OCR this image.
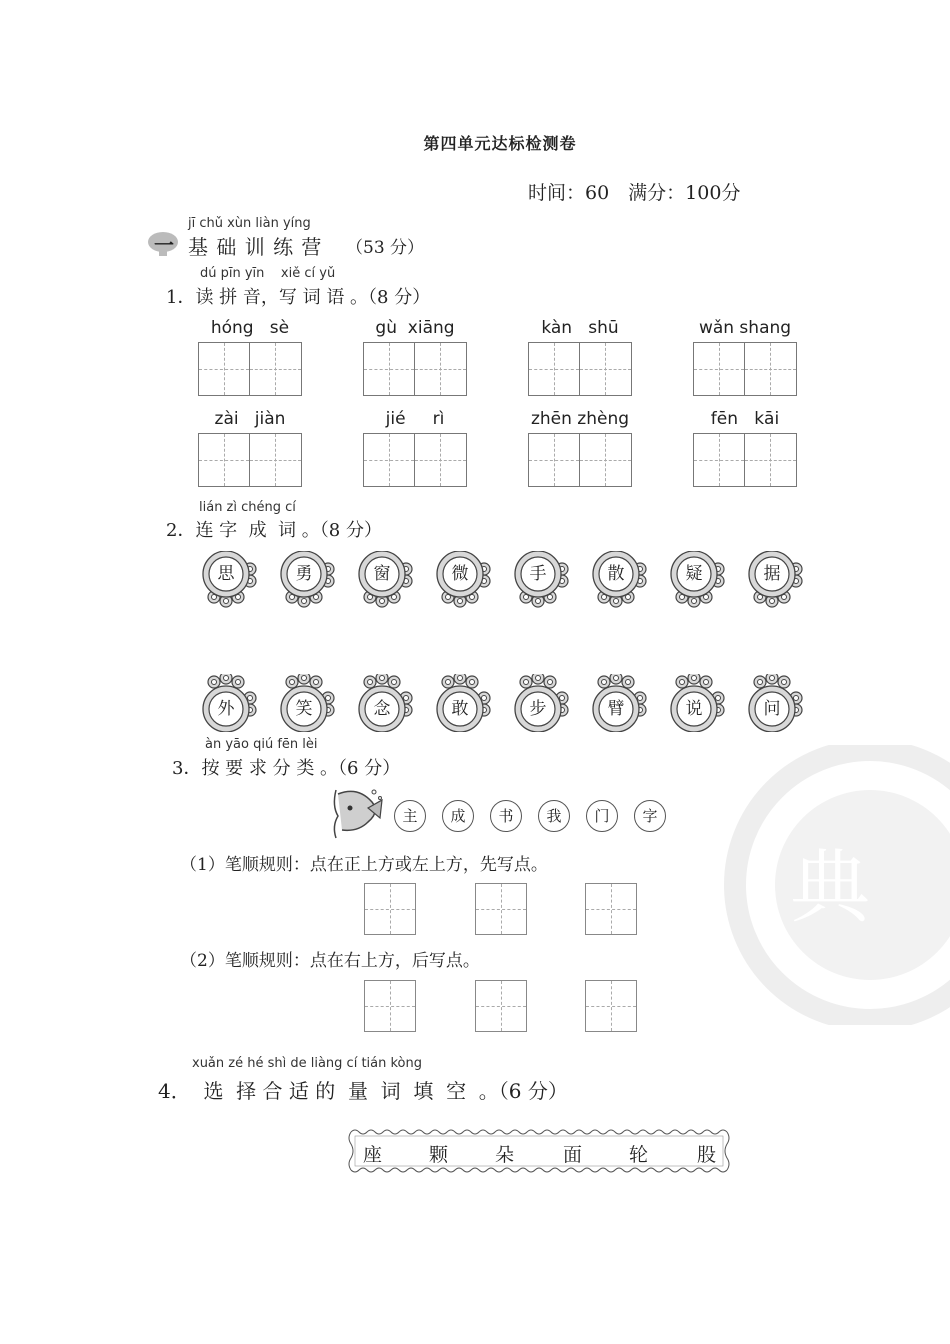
典
第四单元达标检测卷
时间：60　满分：100分
jī chǔ xùn liàn yíng
一 基 础 训 练 营 （53 分）
dú pīn yīn    xiě cí yǔ
1．读 拼 音，写 词 语 。（8 分）
hóng   sè	gù  xiāng	kàn   shū	wǎn shang
zài   jiàn	jié     rì	zhēn zhèng	fēn   kāi
lián zì chéng cí
2．连 字  成  词 。（8 分）
思	勇	窗	微	手	散	疑	据
外	笑	念	敢	步	臂	说	问
àn yāo qiú fēn lèi
3．按 要 求 分 类 。（6 分）
主	成	书	我	门	字
（1）笔顺规则：点在正上方或左上方，先写点。
（2）笔顺规则：点在右上方，后写点。
xuǎn zé hé shì de liàng cí tián kòng
4．  选  择 合 适 的  量  词  填  空  。（6 分）
座 颗 朵	面 轮	股
